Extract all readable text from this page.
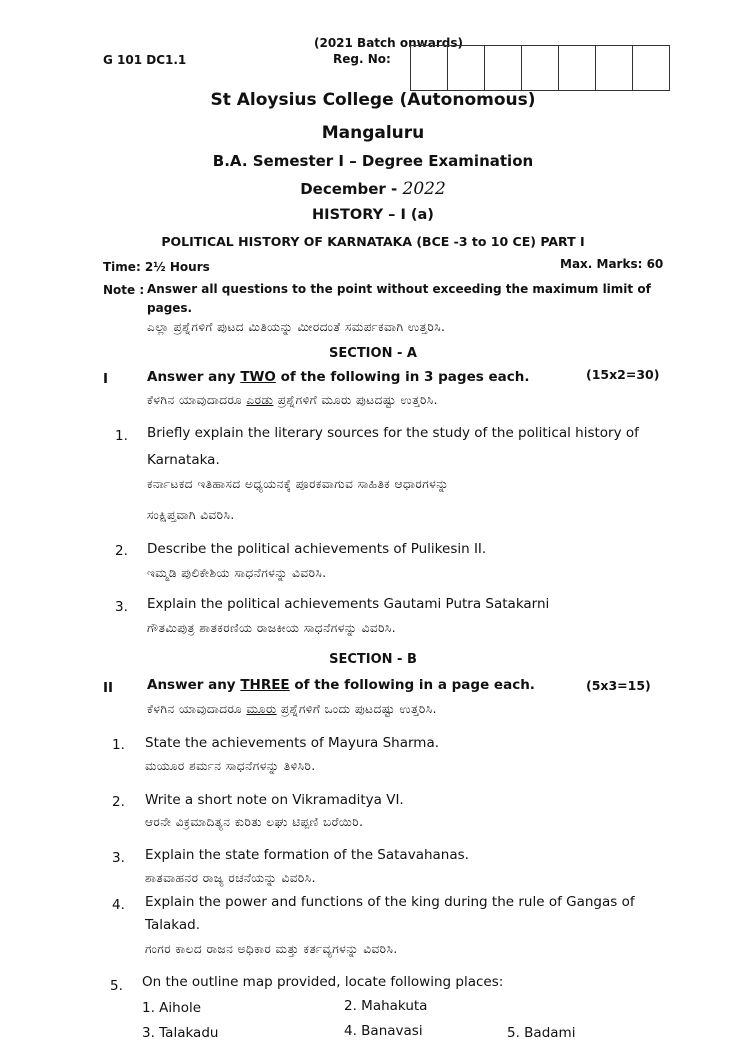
G 101 DC1.1
(2021 Batch onwards)
Reg. No:
St Aloysius College (Autonomous)
Mangaluru
B.A. Semester I – Degree Examination
December - 2022
HISTORY – I (a)
POLITICAL HISTORY OF KARNATAKA (BCE -3 to 10 CE) PART I
Time: 2½ Hours	Max. Marks: 60
Note : Answer all questions to the point without exceeding the maximum limit of
pages.
ಎಲ್ಲಾ ಪ್ರಶ್ನೆಗಳಿಗೆ ಪುಟದ ಮಿತಿಯನ್ನು ಮೀರದಂತೆ ಸಮರ್ಪಕವಾಗಿ ಉತ್ತರಿಸಿ.
SECTION - A
I	Answer any TWO of the following in 3 pages each.	(15x2=30)
ಕೆಳಗಿನ ಯಾವುದಾದರೂ ಎರಡು ಪ್ರಶ್ನೆಗಳಿಗೆ ಮೂರು ಪುಟದಷ್ಟು ಉತ್ತರಿಸಿ.
1. Briefly explain the literary sources for the study of the political history of
Karnataka.
ಕರ್ನಾಟಕದ ಇತಿಹಾಸದ ಅಧ್ಯಯನಕ್ಕೆ ಪೂರಕವಾಗುವ ಸಾಹಿತಿಕ ಆಧಾರಗಳನ್ನು
ಸಂಕ್ಷಿಪ್ತವಾಗಿ ವಿವರಿಸಿ.
2. Describe the political achievements of Pulikesin II.
ಇಮ್ಮಡಿ ಪುಲಿಕೇಶಿಯ ಸಾಧನೆಗಳನ್ನು ವಿವರಿಸಿ.
3. Explain the political achievements Gautami Putra Satakarni
ಗೌತಮಿಪುತ್ರ ಶಾತಕರಣಿಯ ರಾಜಕೀಯ ಸಾಧನೆಗಳನ್ನು ವಿವರಿಸಿ.
SECTION - B
II	Answer any THREE of the following in a page each.	(5x3=15)
ಕೆಳಗಿನ ಯಾವುದಾದರೂ ಮೂರು ಪ್ರಶ್ನೆಗಳಿಗೆ ಒಂದು ಪುಟದಷ್ಟು ಉತ್ತರಿಸಿ.
1. State the achievements of Mayura Sharma.
ಮಯೂರ ಶರ್ಮನ ಸಾಧನೆಗಳನ್ನು ತಿಳಿಸಿರಿ.
2. Write a short note on Vikramaditya VI.
ಆರನೇ ವಿಕ್ರಮಾದಿತ್ಯನ ಕುರಿತು ಲಘು ಟಿಪ್ಪಣಿ ಬರೆಯಿರಿ.
3. Explain the state formation of the Satavahanas.
ಶಾತವಾಹನರ ರಾಜ್ಯ ರಚನೆಯನ್ನು ವಿವರಿಸಿ.
4. Explain the power and functions of the king during the rule of Gangas of
Talakad.
ಗಂಗರ ಕಾಲದ ರಾಜನ ಅಧಿಕಾರ ಮತ್ತು ಕರ್ತವ್ಯಗಳನ್ನು ವಿವರಿಸಿ.
5. On the outline map provided, locate following places:
1. Aihole	2. Mahakuta
3. Talakadu	4. Banavasi	5. Badami
